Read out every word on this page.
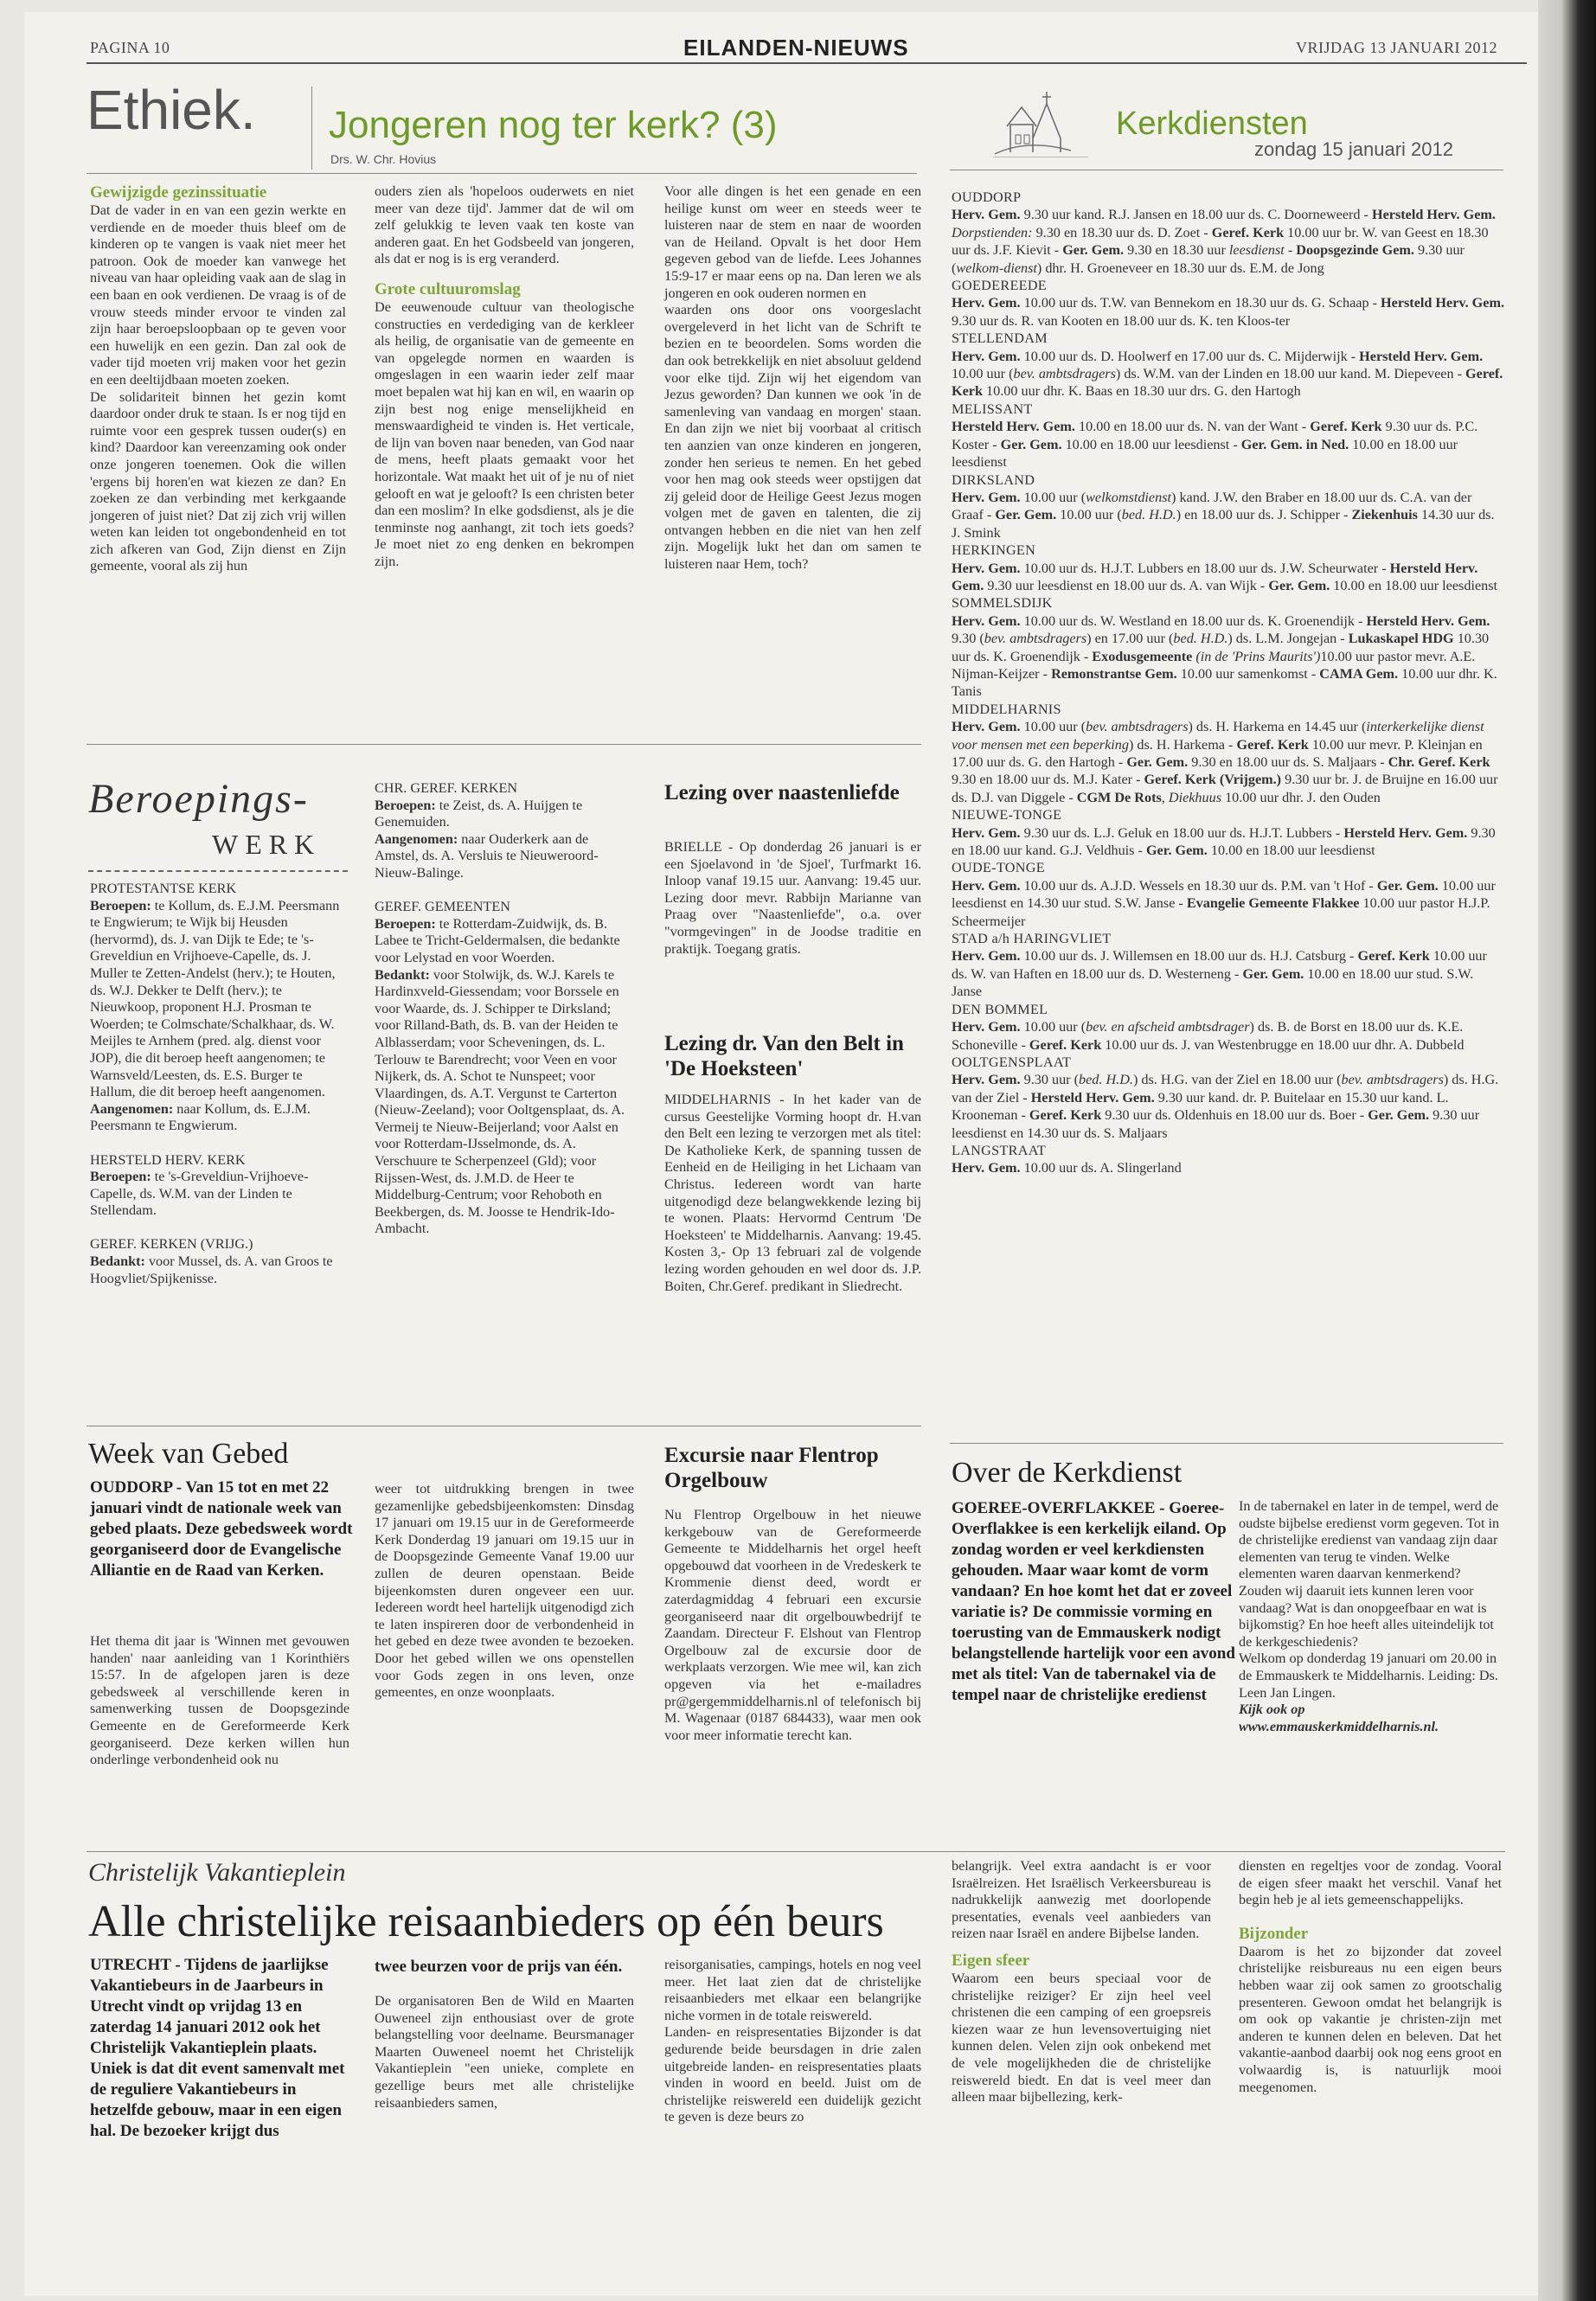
PAGINA 10	EILANDEN-NIEUWS	VRIJDAG 13 JANUARI 2012
Ethiek. Jongeren nog ter kerk? (3)
Drs. W. Chr. Hovius

Gewijzigde gezinssituatie

Dat de vader in en van een gezin werkte en verdiende en de moeder thuis bleef om de kinderen op te vangen is vaak niet meer het patroon. Ook de moeder kan vanwege het niveau van haar opleiding vaak aan de slag in een baan en ook verdienen. De vraag is of de vrouw steeds minder ervoor te vinden zal zijn haar beroepsloopbaan op te geven voor een huwelijk en een gezin. Dan zal ook de vader tijd moeten vrij maken voor het gezin en een deeltijdbaan moeten zoeken.

De solidariteit binnen het gezin komt daardoor onder druk te staan. Is er nog tijd en ruimte voor een gesprek tussen ouder(s) en kind? Daardoor kan vereenzaming ook onder onze jongeren toenemen. Ook die willen 'ergens bij horen'en wat kiezen ze dan? En zoeken ze dan verbinding met kerkgaande jongeren of juist niet? Dat zij zich vrij willen weten kan leiden tot ongebondenheid en tot zich afkeren van God, Zijn dienst en Zijn gemeente, vooral als zij hun

ouders zien als 'hopeloos ouderwets en niet meer van deze tijd'. Jammer dat de wil om zelf gelukkig te leven vaak ten koste van anderen gaat. En het Godsbeeld van jongeren, als dat er nog is is erg veranderd.

Grote cultuuromslag

De eeuwenoude cultuur van theologische constructies en verdediging van de kerkleer als heilig, de organisatie van de gemeente en van opgelegde normen en waarden is omgeslagen in een waarin ieder zelf maar moet bepalen wat hij kan en wil, en waarin op zijn best nog enige menselijkheid en menswaardigheid te vinden is. Het verticale, de lijn van boven naar beneden, van God naar de mens, heeft plaats gemaakt voor het horizontale. Wat maakt het uit of je nu of niet gelooft en wat je gelooft? Is een christen beter dan een moslim? In elke godsdienst, als je die tenminste nog aanhangt, zit toch iets goeds? Je moet niet zo eng denken en bekrompen zijn.

Voor alle dingen is het een genade en een heilige kunst om weer en steeds weer te luisteren naar de stem en naar de woorden van de Heiland. Opvalt is het door Hem gegeven gebod van de liefde. Lees Johannes 15:9-17 er maar eens op na. Dan leren we als jongeren en ook ouderen normen en

waarden ons door ons voorgeslacht overgeleverd in het licht van de Schrift te bezien en te beoordelen. Soms worden die dan ook betrekkelijk en niet absoluut geldend voor elke tijd. Zijn wij het eigendom van Jezus geworden? Dan kunnen we ook 'in de samenleving van vandaag en morgen' staan. En dan zijn we niet bij voorbaat al critisch ten aanzien van onze kinderen en jongeren, zonder hen serieus te nemen. En het gebed voor hen mag ook steeds weer opstijgen dat zij geleid door de Heilige Geest Jezus mogen volgen met de gaven en talenten, die zij ontvangen hebben en die niet van hen zelf zijn. Mogelijk lukt het dan om samen te luisteren naar Hem, toch?

Kerkdiensten
zondag 15 januari 2012

OUDDORP

Herv. Gem. 9.30 uur kand. R.J. Jansen en 18.00 uur ds. C. Doorneweerd - Hersteld Herv. Gem. Dorpstienden: 9.30 en 18.30 uur ds. D. Zoet - Geref. Kerk 10.00 uur br. W. van Geest en 18.30 uur ds. J.F. Kievit - Ger. Gem. 9.30 en 18.30 uur leesdienst - Doopsgezinde Gem. 9.30 uur (welkom-dienst) dhr. H. Groeneveer en 18.30 uur ds. E.M. de Jong

GOEDEREEDE

Herv. Gem. 10.00 uur ds. T.W. van Bennekom en 18.30 uur ds. G. Schaap - Hersteld Herv. Gem. 9.30 uur ds. R. van Kooten en 18.00 uur ds. K. ten Kloos-ter

STELLENDAM

Herv. Gem. 10.00 uur ds. D. Hoolwerf en 17.00 uur ds. C. Mijderwijk - Hersteld Herv. Gem. 10.00 uur (bev. ambtsdragers) ds. W.M. van der Linden en 18.00 uur kand. M. Diepeveen - Geref. Kerk 10.00 uur dhr. K. Baas en 18.30 uur drs. G. den Hartogh

MELISSANT

Hersteld Herv. Gem. 10.00 en 18.00 uur ds. N. van der Want - Geref. Kerk 9.30 uur ds. P.C. Koster - Ger. Gem. 10.00 en 18.00 uur leesdienst - Ger. Gem. in Ned. 10.00 en 18.00 uur leesdienst

DIRKSLAND

Herv. Gem. 10.00 uur (welkomstdienst) kand. J.W. den Braber en 18.00 uur ds. C.A. van der Graaf - Ger. Gem. 10.00 uur (bed. H.D.) en 18.00 uur ds. J. Schipper - Ziekenhuis 14.30 uur ds. J. Smink

HERKINGEN

Herv. Gem. 10.00 uur ds. H.J.T. Lubbers en 18.00 uur ds. J.W. Scheurwater - Hersteld Herv. Gem. 9.30 uur leesdienst en 18.00 uur ds. A. van Wijk - Ger. Gem. 10.00 en 18.00 uur leesdienst

SOMMELSDIJK

Herv. Gem. 10.00 uur ds. W. Westland en 18.00 uur ds. K. Groenendijk - Hersteld Herv. Gem. 9.30 (bev. ambtsdragers) en 17.00 uur (bed. H.D.) ds. L.M. Jongejan - Lukaskapel HDG 10.30 uur ds. K. Groenendijk - Exodusgemeente (in de 'Prins Maurits')10.00 uur pastor mevr. A.E. Nijman-Keijzer - Remonstrantse Gem. 10.00 uur samenkomst - CAMA Gem. 10.00 uur dhr. K. Tanis

MIDDELHARNIS

Herv. Gem. 10.00 uur (bev. ambtsdragers) ds. H. Harkema en 14.45 uur (interkerkelijke dienst voor mensen met een beperking) ds. H. Harkema - Geref. Kerk 10.00 uur mevr. P. Kleinjan en 17.00 uur ds. G. den Hartogh - Ger. Gem. 9.30 en 18.00 uur ds. S. Maljaars - Chr. Geref. Kerk 9.30 en 18.00 uur ds. M.J. Kater - Geref. Kerk (Vrijgem.) 9.30 uur br. J. de Bruijne en 16.00 uur ds. D.J. van Diggele - CGM De Rots, Diekhuus 10.00 uur dhr. J. den Ouden

NIEUWE-TONGE

Herv. Gem. 9.30 uur ds. L.J. Geluk en 18.00 uur ds. H.J.T. Lubbers - Hersteld Herv. Gem. 9.30 en 18.00 uur kand. G.J. Veldhuis - Ger. Gem. 10.00 en 18.00 uur leesdienst

OUDE-TONGE

Herv. Gem. 10.00 uur ds. A.J.D. Wessels en 18.30 uur ds. P.M. van 't Hof - Ger. Gem. 10.00 uur leesdienst en 14.30 uur stud. S.W. Janse - Evangelie Gemeente Flakkee 10.00 uur pastor H.J.P. Scheermeijer

STAD a/h HARINGVLIET

Herv. Gem. 10.00 uur ds. J. Willemsen en 18.00 uur ds. H.J. Catsburg - Geref. Kerk 10.00 uur ds. W. van Haften en 18.00 uur ds. D. Westerneng - Ger. Gem. 10.00 en 18.00 uur stud. S.W. Janse

DEN BOMMEL

Herv. Gem. 10.00 uur (bev. en afscheid ambtsdrager) ds. B. de Borst en 18.00 uur ds. K.E. Schoneville - Geref. Kerk 10.00 uur ds. J. van Westenbrugge en 18.00 uur dhr. A. Dubbeld

OOLTGENSPLAAT

Herv. Gem. 9.30 uur (bed. H.D.) ds. H.G. van der Ziel en 18.00 uur (bev. ambtsdragers) ds. H.G. van der Ziel - Hersteld Herv. Gem. 9.30 uur kand. dr. P. Buitelaar en 15.30 uur kand. L. Krooneman - Geref. Kerk 9.30 uur ds. Oldenhuis en 18.00 uur ds. Boer - Ger. Gem. 9.30 uur leesdienst en 14.30 uur ds. S. Maljaars

LANGSTRAAT

Herv. Gem. 10.00 uur ds. A. Slingerland

Beroepings-
WERK

PROTESTANTSE KERK

Beroepen: te Kollum, ds. E.J.M. Peersmann te Engwierum; te Wijk bij Heusden (hervormd), ds. J. van Dijk te Ede; te 's-Greveldiun en Vrijhoeve-Capelle, ds. J. Muller te Zetten-Andelst (herv.); te Houten, ds. W.J. Dekker te Delft (herv.); te Nieuwkoop, proponent H.J. Prosman te Woerden; te Colmschate/Schalkhaar, ds. W. Meijles te Arnhem (pred. alg. dienst voor JOP), die dit beroep heeft aangenomen; te Warnsveld/Leesten, ds. E.S. Burger te Hallum, die dit beroep heeft aangenomen.

Aangenomen: naar Kollum, ds. E.J.M. Peersmann te Engwierum.

HERSTELD HERV. KERK

Beroepen: te 's-Greveldiun-Vrijhoeve-Capelle, ds. W.M. van der Linden te Stellendam.

GEREF. KERKEN (VRIJG.)

Bedankt: voor Mussel, ds. A. van Groos te Hoogvliet/Spijkenisse.

CHR. GEREF. KERKEN

Beroepen: te Zeist, ds. A. Huijgen te Genemuiden.

Aangenomen: naar Ouderkerk aan de Amstel, ds. A. Versluis te Nieuweroord-Nieuw-Balinge.

GEREF. GEMEENTEN

Beroepen: te Rotterdam-Zuidwijk, ds. B. Labee te Tricht-Geldermalsen, die bedankte voor Lelystad en voor Woerden.

Bedankt: voor Stolwijk, ds. W.J. Karels te Hardinxveld-Giessendam; voor Borssele en voor Waarde, ds. J. Schipper te Dirksland; voor Rilland-Bath, ds. B. van der Heiden te Alblasserdam; voor Scheveningen, ds. L. Terlouw te Barendrecht; voor Veen en voor Nijkerk, ds. A. Schot te Nunspeet; voor Vlaardingen, ds. A.T. Vergunst te Carterton (Nieuw-Zeeland); voor Ooltgensplaat, ds. A. Vermeij te Nieuw-Beijerland; voor Aalst en voor Rotterdam-IJsselmonde, ds. A. Verschuure te Scherpenzeel (Gld); voor Rijssen-West, ds. J.M.D. de Heer te Middelburg-Centrum; voor Rehoboth en Beekbergen, ds. M. Joosse te Hendrik-Ido-Ambacht.

Lezing over naastenliefde
BRIELLE - Op donderdag 26 januari is er een Sjoelavond in 'de Sjoel', Turfmarkt 16. Inloop vanaf 19.15 uur. Aanvang: 19.45 uur. Lezing door mevr. Rabbijn Marianne van Praag over "Naastenliefde", o.a. over "vormgevingen" in de Joodse traditie en praktijk. Toegang gratis.
Lezing dr. Van den Belt in 'De Hoeksteen'
MIDDELHARNIS - In het kader van de cursus Geestelijke Vorming hoopt dr. H.van den Belt een lezing te verzorgen met als titel: De Katholieke Kerk, de spanning tussen de Eenheid en de Heiliging in het Lichaam van Christus. Iedereen wordt van harte uitgenodigd deze belangwekkende lezing bij te wonen. Plaats: Hervormd Centrum 'De Hoeksteen' te Middelharnis. Aanvang: 19.45. Kosten 3,- Op 13 februari zal de volgende lezing worden gehouden en wel door ds. J.P. Boiten, Chr.Geref. predikant in Sliedrecht.
Week van Gebed
OUDDORP - Van 15 tot en met 22 januari vindt de nationale week van gebed plaats. Deze gebedsweek wordt georganiseerd door de Evangelische Alliantie en de Raad van Kerken.
Het thema dit jaar is 'Winnen met gevouwen handen' naar aanleiding van 1 Korinthiërs 15:57. In de afgelopen jaren is deze gebedsweek al verschillende keren in samenwerking tussen de Doopsgezinde Gemeente en de Gereformeerde Kerk georganiseerd. Deze kerken willen hun onderlinge verbondenheid ook nu
weer tot uitdrukking brengen in twee gezamenlijke gebedsbijeenkomsten: Dinsdag 17 januari om 19.15 uur in de Gereformeerde Kerk Donderdag 19 januari om 19.15 uur in de Doopsgezinde Gemeente Vanaf 19.00 uur zullen de deuren openstaan. Beide bijeenkomsten duren ongeveer een uur. Iedereen wordt heel hartelijk uitgenodigd zich te laten inspireren door de verbondenheid in het gebed en deze twee avonden te bezoeken. Door het gebed willen we ons openstellen voor Gods zegen in ons leven, onze gemeentes, en onze woonplaats.
Excursie naar Flentrop Orgelbouw
Nu Flentrop Orgelbouw in het nieuwe kerkgebouw van de Gereformeerde Gemeente te Middelharnis het orgel heeft opgebouwd dat voorheen in de Vredeskerk te Krommenie dienst deed, wordt er zaterdagmiddag 4 februari een excursie georganiseerd naar dit orgelbouwbedrijf te Zaandam. Directeur F. Elshout van Flentrop Orgelbouw zal de excursie door de werkplaats verzorgen. Wie mee wil, kan zich opgeven via het e-mailadres pr@gergemmiddelharnis.nl of telefonisch bij M. Wagenaar (0187 684433), waar men ook voor meer informatie terecht kan.
Over de Kerkdienst
GOEREE-OVERFLAKKEE - Goeree-Overflakkee is een kerkelijk eiland. Op zondag worden er veel kerkdiensten gehouden. Maar waar komt de vorm vandaan? En hoe komt het dat er zoveel variatie is? De commissie vorming en toerusting van de Emmauskerk nodigt belangstellende hartelijk voor een avond met als titel: Van de tabernakel via de tempel naar de christelijke eredienst

In de tabernakel en later in de tempel, werd de oudste bijbelse eredienst vorm gegeven. Tot in de christelijke eredienst van vandaag zijn daar elementen van terug te vinden. Welke elementen waren daarvan kenmerkend? Zouden wij daaruit iets kunnen leren voor vandaag? Wat is dan onopgeefbaar en wat is bijkomstig? En hoe heeft alles uiteindelijk tot de kerkgeschiedenis?

Welkom op donderdag 19 januari om 20.00 in de Emmauskerk te Middelharnis. Leiding: Ds. Leen Jan Lingen.

Kijk ook op www.emmauskerkmiddelharnis.nl.

Christelijk Vakantieplein
Alle christelijke reisaanbieders op één beurs
UTRECHT - Tijdens de jaarlijkse Vakantiebeurs in de Jaarbeurs in Utrecht vindt op vrijdag 13 en zaterdag 14 januari 2012 ook het Christelijk Vakantieplein plaats. Uniek is dat dit event samenvalt met de reguliere Vakantiebeurs in hetzelfde gebouw, maar in een eigen hal. De bezoeker krijgt dus

twee beurzen voor de prijs van één.

De organisatoren Ben de Wild en Maarten Ouweneel zijn enthousiast over de grote belangstelling voor deelname. Beursmanager Maarten Ouweneel noemt het Christelijk Vakantieplein "een unieke, complete en gezellige beurs met alle christelijke reisaanbieders samen,

reisorganisaties, campings, hotels en nog veel meer. Het laat zien dat de christelijke reisaanbieders met elkaar een belangrijke niche vormen in de totale reiswereld.

Landen- en reispresentaties Bijzonder is dat gedurende beide beursdagen in drie zalen uitgebreide landen- en reispresentaties plaats vinden in woord en beeld. Juist om de christelijke reiswereld een duidelijk gezicht te geven is deze beurs zo

belangrijk. Veel extra aandacht is er voor Israëlreizen. Het Israëlisch Verkeersbureau is nadrukkelijk aanwezig met doorlopende presentaties, evenals veel aanbieders van reizen naar Israël en andere Bijbelse landen.

Eigen sfeer

Waarom een beurs speciaal voor de christelijke reiziger? Er zijn heel veel christenen die een camping of een groepsreis kiezen waar ze hun levensovertuiging niet kunnen delen. Velen zijn ook onbekend met de vele mogelijkheden die de christelijke reiswereld biedt. En dat is veel meer dan alleen maar bijbellezing, kerk-

diensten en regeltjes voor de zondag. Vooral de eigen sfeer maakt het verschil. Vanaf het begin heb je al iets gemeenschappelijks.

Bijzonder

Daarom is het zo bijzonder dat zoveel christelijke reisbureaus nu een eigen beurs hebben waar zij ook samen zo grootschalig presenteren. Gewoon omdat het belangrijk is om ook op vakantie je christen-zijn met anderen te kunnen delen en beleven. Dat het vakantie-aanbod daarbij ook nog eens groot en volwaardig is, is natuurlijk mooi meegenomen.
